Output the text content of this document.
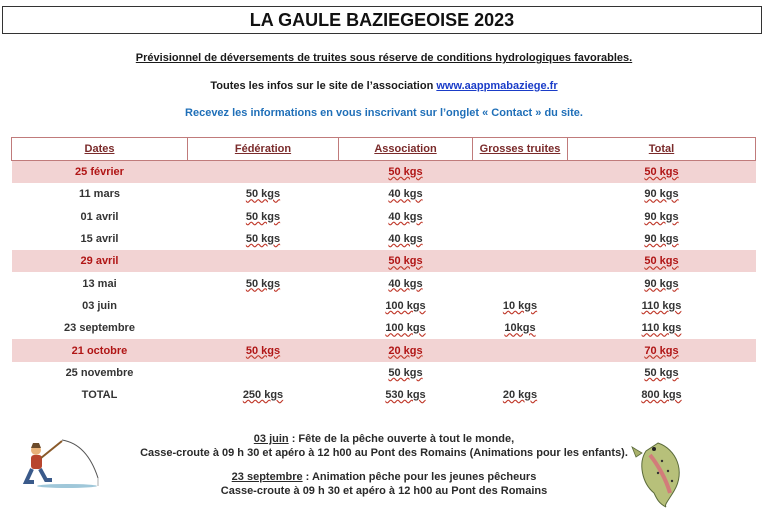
LA GAULE BAZIEGEOISE 2023
Prévisionnel de déversements de truites sous réserve de conditions hydrologiques favorables.
Toutes les infos sur le site de l’association www.aappmabaziege.fr
Recevez les informations en vous inscrivant sur l’onglet « Contact » du site.
Dates	Fédération	Association	Grosses truites	Total
25 février		50 kgs		50 kgs
11 mars	50 kgs	40 kgs		90 kgs
01 avril	50 kgs	40 kgs		90 kgs
15 avril	50 kgs	40 kgs		90 kgs
29 avril		50 kgs		50 kgs
13 mai	50 kgs	40 kgs		90 kgs
03 juin		100 kgs	10 kgs	110 kgs
23 septembre		100 kgs	10kgs	110 kgs
21 octobre	50 kgs	20 kgs		70 kgs
25 novembre		50 kgs		50 kgs
TOTAL	250 kgs	530 kgs	20 kgs	800 kgs
03 juin : Fête de la pêche ouverte à tout le monde,
Casse-croute à 09 h 30 et apéro à 12 h00 au Pont des Romains (Animations pour les enfants).
23 septembre : Animation pêche pour les jeunes pêcheurs
Casse-croute à 09 h 30 et apéro à 12 h00 au Pont des Romains
